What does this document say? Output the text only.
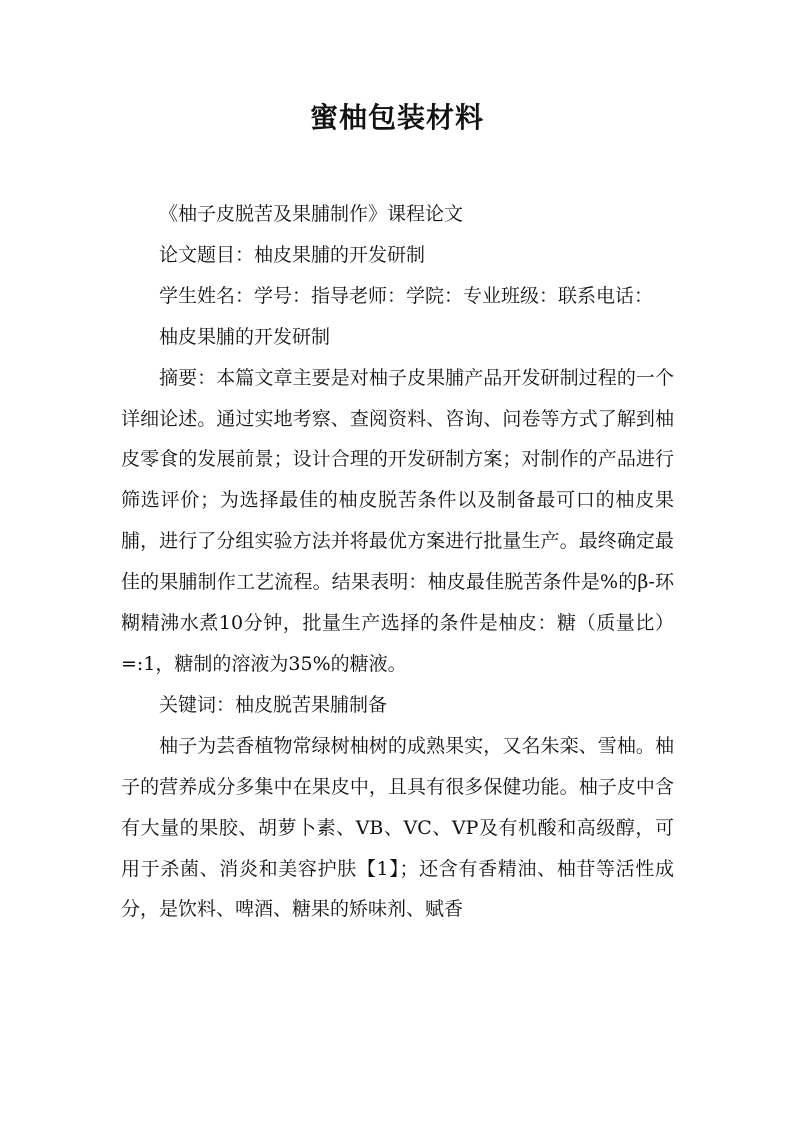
蜜柚包装材料

《柚子皮脱苦及果脯制作》课程论文

论文题目：柚皮果脯的开发研制

学生姓名：学号：指导老师：学院：专业班级：联系电话：

柚皮果脯的开发研制

摘要：本篇文章主要是对柚子皮果脯产品开发研制过程的一个详细论述。通过实地考察、查阅资料、咨询、问卷等方式了解到柚皮零食的发展前景；设计合理的开发研制方案；对制作的产品进行筛选评价；为选择最佳的柚皮脱苦条件以及制备最可口的柚皮果脯，进行了分组实验方法并将最优方案进行批量生产。最终确定最佳的果脯制作工艺流程。结果表明：柚皮最佳脱苦条件是%的β-环糊精沸水煮10分钟，批量生产选择的条件是柚皮：糖（质量比）=:1，糖制的溶液为35%的糖液。

关键词：柚皮脱苦果脯制备

柚子为芸香植物常绿树柚树的成熟果实，又名朱栾、雪柚。柚子的营养成分多集中在果皮中，且具有很多保健功能。柚子皮中含有大量的果胶、胡萝卜素、VB、VC、VP及有机酸和高级醇，可用于杀菌、消炎和美容护肤【1】；还含有香精油、柚苷等活性成分，是饮料、啤酒、糖果的矫味剂、赋香
